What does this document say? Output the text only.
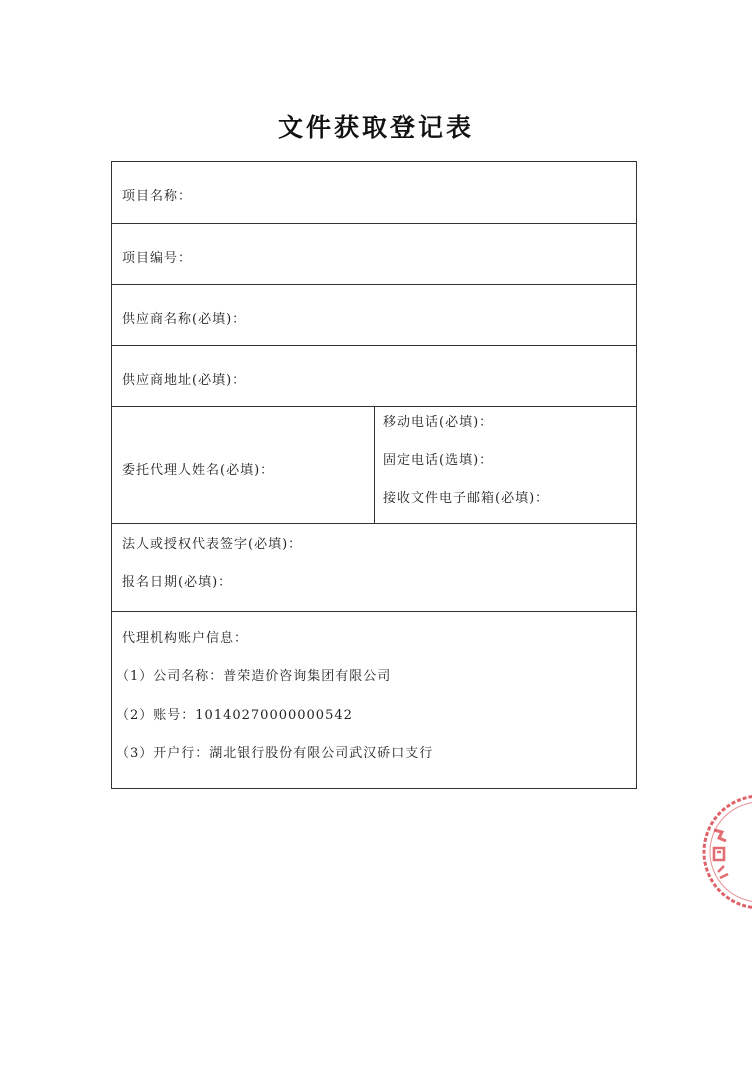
文件获取登记表
项目名称：
项目编号：
供应商名称(必填)：
供应商地址(必填)：
委托代理人姓名(必填)：
移动电话(必填)：
固定电话(选填)：
接收文件电子邮箱(必填)：
法人或授权代表签字(必填)：
报名日期(必填)：
代理机构账户信息：
（1）公司名称：普荣造价咨询集团有限公司
（2）账号：10140270000000542
（3）开户行：湖北银行股份有限公司武汉硚口支行
